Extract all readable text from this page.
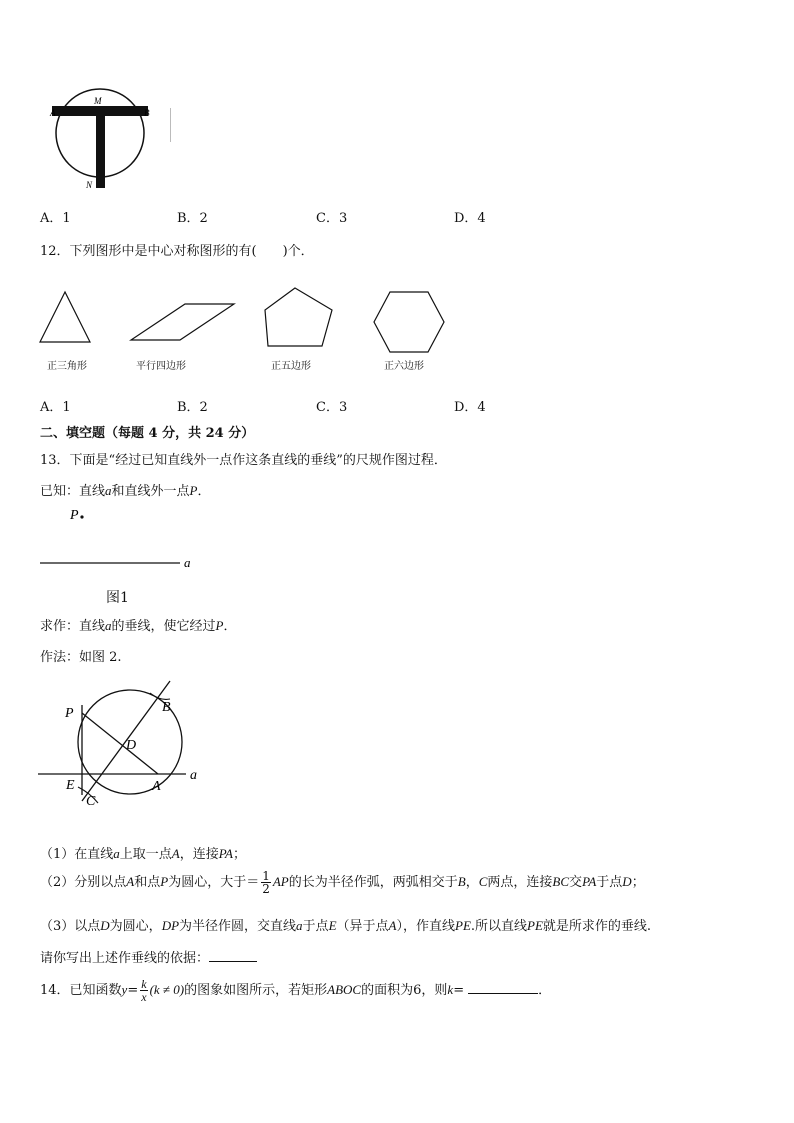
A
M
B
N
A．1	B．2	C．3	D．4
12．下列图形中是中心对称图形的有(　　)个．
正三角形	平行四边形	正五边形	正六边形
A．1	B．2	C．3	D．4
二、填空题（每题 4 分，共 24 分）
13．下面是“经过已知直线外一点作这条直线的垂线”的尺规作图过程．
已知：直线a和直线外一点P．
P
a
图1
求作：直线a的垂线，使它经过P．
作法：如图 2.
P	B
D
E	A
C
a
（1）在直线a上取一点A，连接PA；
（2）分别以点A和点P为圆心，大于＝ $\frac{1}{2}$ AP的长为半径作弧，两弧相交于B，C两点，连接BC交PA于点D；
（3）以点D为圆心，DP为半径作圆，交直线a于点E（异于点A），作直线PE.所以直线PE就是所求作的垂线.
请你写出上述作垂线的依据：
14．已知函数$y= \frac{k}{x} (k \ne 0)$的图象如图所示，若矩形ABOC的面积为6，则k=	．
